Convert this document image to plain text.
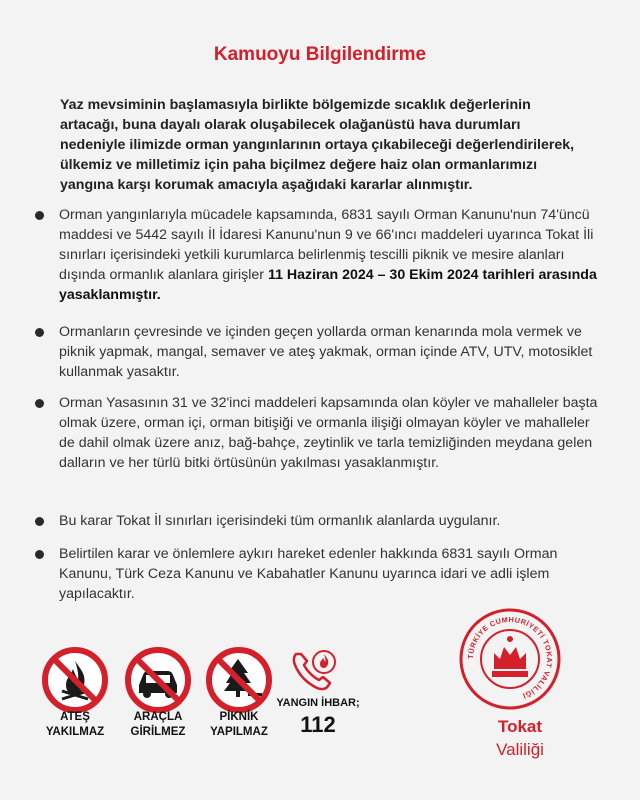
Kamuoyu Bilgilendirme
Yaz mevsiminin başlamasıyla birlikte bölgemizde sıcaklık değerlerinin artacağı, buna dayalı olarak oluşabilecek olağanüstü hava durumları nedeniyle ilimizde orman yangınlarının ortaya çıkabileceği değerlendirilerek, ülkemiz ve milletimiz için paha biçilmez değere haiz olan ormanlarımızı yangına karşı korumak amacıyla aşağıdaki kararlar alınmıştır.
Orman yangınlarıyla mücadele kapsamında, 6831 sayılı Orman Kanunu'nun 74'üncü maddesi ve 5442 sayılı İl İdaresi Kanunu'nun 9 ve 66'ıncı maddeleri uyarınca Tokat İli sınırları içerisindeki yetkili kurumlarca belirlenmiş tescilli piknik ve mesire alanları dışında ormanlık alanlara girişler 11 Haziran 2024 – 30 Ekim 2024 tarihleri arasında yasaklanmıştır.
Ormanların çevresinde ve içinden geçen yollarda orman kenarında mola vermek ve piknik yapmak, mangal, semaver ve ateş yakmak, orman içinde ATV, UTV, motosiklet kullanmak yasaktır.
Orman Yasasının 31 ve 32'inci maddeleri kapsamında olan köyler ve mahalleler başta olmak üzere, orman içi, orman bitişiği ve ormanla ilişiği olmayan köyler ve mahalleler de dahil olmak üzere anız, bağ-bahçe, zeytinlik ve tarla temizliğinden meydana gelen dalların ve her türlü bitki örtüsünün yakılması yasaklanmıştır.
Bu karar Tokat İl sınırları içerisindeki tüm ormanlık alanlarda uygulanır.
Belirtilen karar ve önlemlere aykırı hareket edenler hakkında 6831 sayılı Orman Kanunu, Türk Ceza Kanunu ve Kabahatler Kanunu uyarınca idari ve adli işlem yapılacaktır.
ATEŞ
YAKILMAZ
ARAÇLA
GİRİLMEZ
PİKNİK
YAPILMAZ
YANGIN İHBAR;
112
TÜRKİYE CUMHURİYETİ TOKAT VALİLİĞİ
Tokat
Valiliği
